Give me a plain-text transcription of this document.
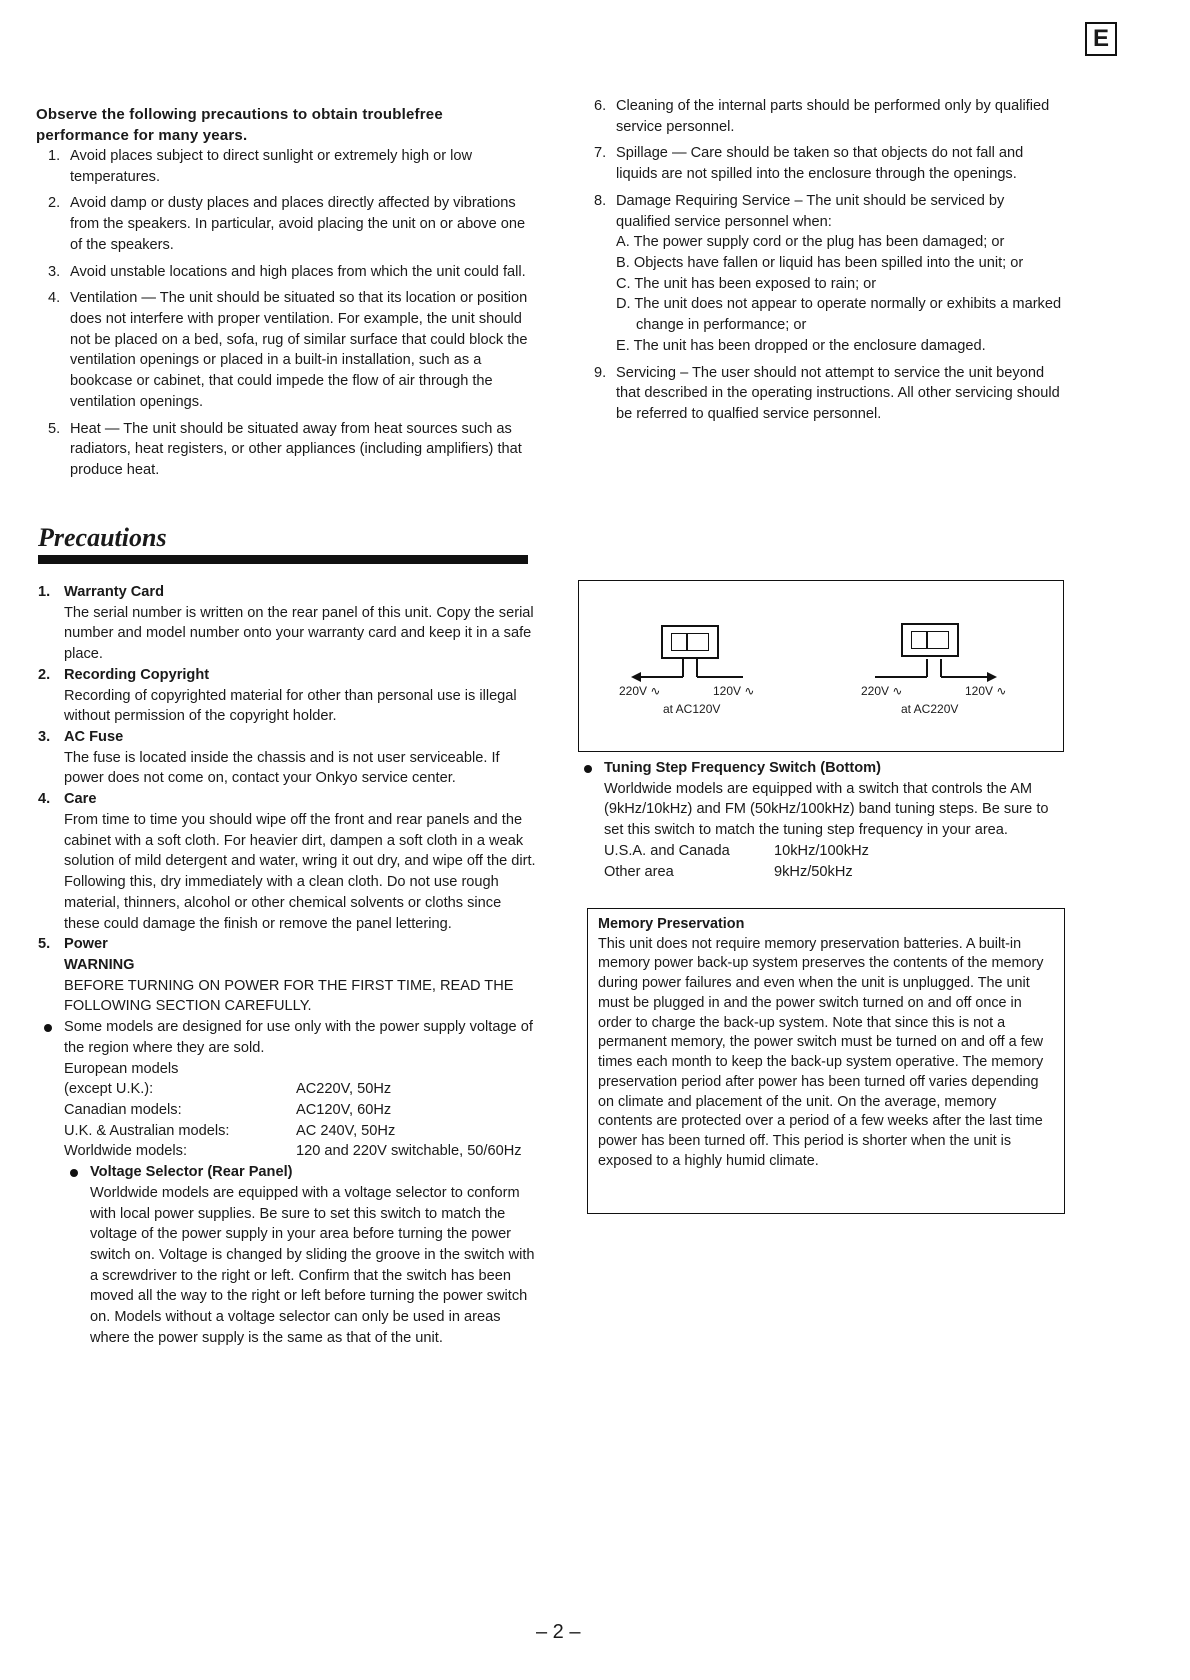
E
Observe the following precautions to obtain troublefree performance for many years.
1. Avoid places subject to direct sunlight or extremely high or low temperatures.
2. Avoid damp or dusty places and places directly affected by vibrations from the speakers. In particular, avoid placing the unit on or above one of the speakers.
3. Avoid unstable locations and high places from which the unit could fall.
4. Ventilation — The unit should be situated so that its location or position does not interfere with proper ventilation. For example, the unit should not be placed on a bed, sofa, rug of similar surface that could block the ventilation openings or placed in a built-in installation, such as a bookcase or cabinet, that could impede the flow of air through the ventilation openings.
5. Heat — The unit should be situated away from heat sources such as radiators, heat registers, or other appliances (including amplifiers) that produce heat.
6. Cleaning of the internal parts should be performed only by qualified service personnel.
7. Spillage — Care should be taken so that objects do not fall and liquids are not spilled into the enclosure through the openings.
8. Damage Requiring Service – The unit should be serviced by qualified service personnel when:
A. The power supply cord or the plug has been damaged; or
B. Objects have fallen or liquid has been spilled into the unit; or
C. The unit has been exposed to rain; or
D. The unit does not appear to operate normally or exhibits a marked change in performance; or
E. The unit has been dropped or the enclosure damaged.
9. Servicing – The user should not attempt to service the unit beyond that described in the operating instructions. All other servicing should be referred to qualfied service personnel.
Precautions
1. Warranty Card
The serial number is written on the rear panel of this unit. Copy the serial number and model number onto your warranty card and keep it in a safe place.
2. Recording Copyright
Recording of copyrighted material for other than personal use is illegal without permission of the copyright holder.
3. AC Fuse
The fuse is located inside the chassis and is not user serviceable. If power does not come on, contact your Onkyo service center.
4. Care
From time to time you should wipe off the front and rear panels and the cabinet with a soft cloth. For heavier dirt, dampen a soft cloth in a weak solution of mild detergent and water, wring it out dry, and wipe off the dirt. Following this, dry immediately with a clean cloth. Do not use rough material, thinners, alcohol or other chemical solvents or cloths since these could damage the finish or remove the panel lettering.
5. Power
WARNING
BEFORE TURNING ON POWER FOR THE FIRST TIME, READ THE FOLLOWING SECTION CAREFULLY.
Some models are designed for use only with the power supply voltage of the region where they are sold.
European models	
(except U.K.):	AC220V, 50Hz
Canadian models:	AC120V, 60Hz
U.K. & Australian models:	AC 240V, 50Hz
Worldwide models:	120 and 220V switchable, 50/60Hz
Voltage Selector (Rear Panel)
Worldwide models are equipped with a voltage selector to conform with local power supplies. Be sure to set this switch to match the voltage of the power supply in your area before turning the power switch on. Voltage is changed by sliding the groove in the switch with a screwdriver to the right or left. Confirm that the switch has been moved all the way to the right or left before turning the power switch on. Models without a voltage selector can only be used in areas where the power supply is the same as that of the unit.
220V ∿	120V ∿
at AC120V
220V ∿	120V ∿
at AC220V
Tuning Step Frequency Switch (Bottom)
Worldwide models are equipped with a switch that controls the AM (9kHz/10kHz) and FM (50kHz/100kHz) band tuning steps. Be sure to set this switch to match the tuning step frequency in your area.
U.S.A. and Canada	10kHz/100kHz
Other area	9kHz/50kHz
Memory Preservation
This unit does not require memory preservation batteries. A built-in memory power back-up system preserves the contents of the memory during power failures and even when the unit is unplugged. The unit must be plugged in and the power switch turned on and off once in order to charge the back-up system. Note that since this is not a permanent memory, the power switch must be turned on and off a few times each month to keep the back-up system operative. The memory preservation period after power has been turned off varies depending on climate and placement of the unit. On the average, memory contents are protected over a period of a few weeks after the last time power has been turned off. This period is shorter when the unit is exposed to a highly humid climate.
– 2 –
